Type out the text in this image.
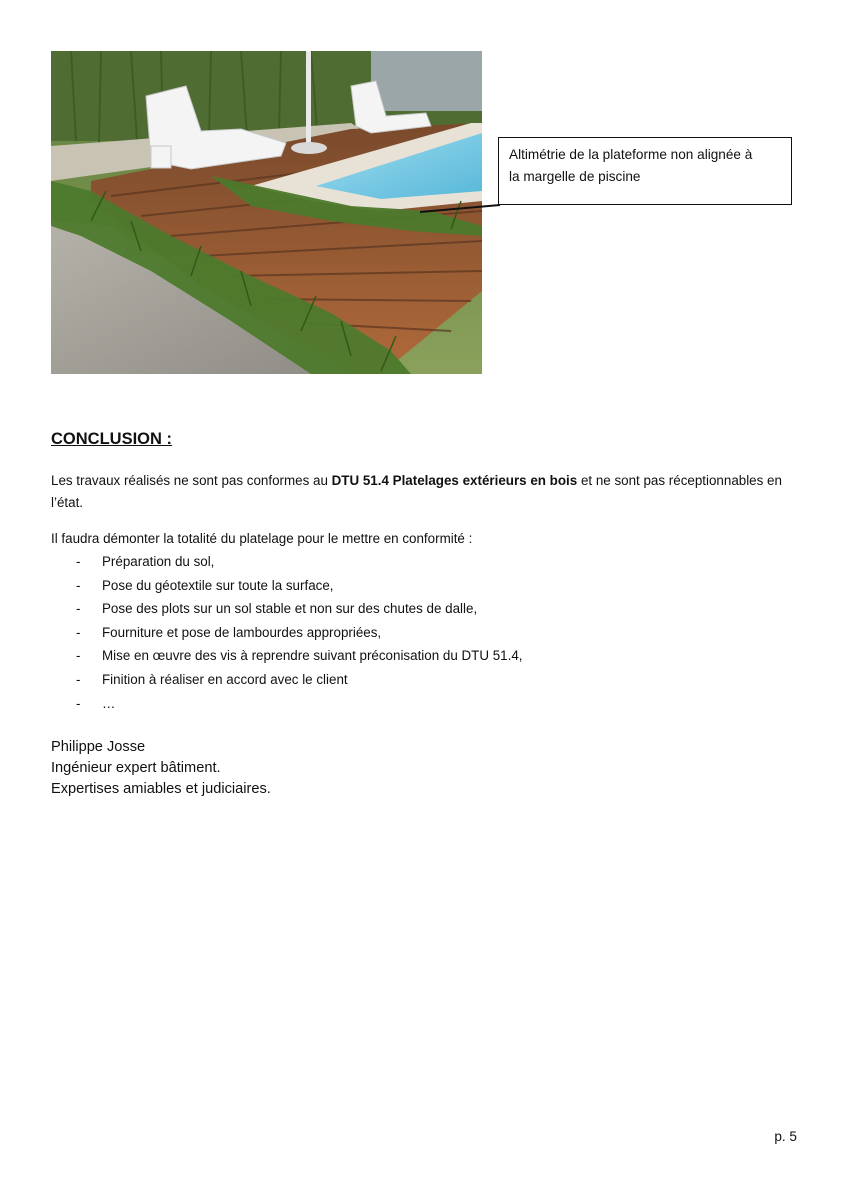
Altimétrie de la plateforme non alignée à
la margelle de piscine
CONCLUSION :

Les travaux réalisés ne sont pas conformes au DTU 51.4 Platelages extérieurs en bois et ne sont pas réceptionnables en l’état.

Il faudra démonter la totalité du platelage pour le mettre en conformité :

-	Préparation du sol,
-	Pose du géotextile sur toute la surface,
-	Pose des plots sur un sol stable et non sur des chutes de dalle,
-	Fourniture et pose de lambourdes appropriées,
-	Mise en œuvre des vis à reprendre suivant préconisation du DTU 51.4,
-	Finition à réaliser en accord avec le client
-	…
Philippe Josse
Ingénieur expert bâtiment.
Expertises amiables et judiciaires.
p. 5
